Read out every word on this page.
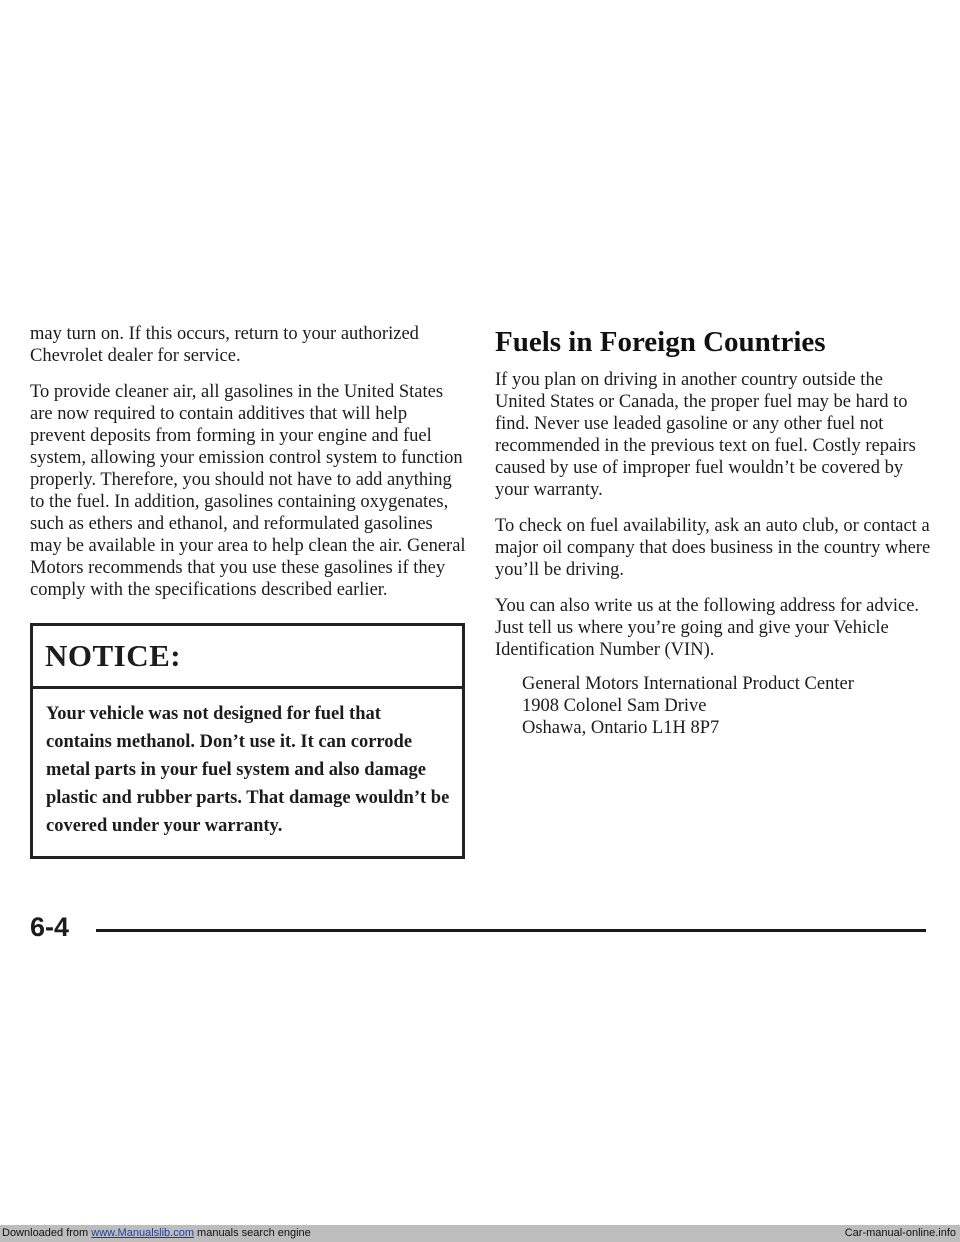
may turn on. If this occurs, return to your authorized Chevrolet dealer for service.

To provide cleaner air, all gasolines in the United States are now required to contain additives that will help prevent deposits from forming in your engine and fuel system, allowing your emission control system to function properly. Therefore, you should not have to add anything to the fuel. In addition, gasolines containing oxygenates, such as ethers and ethanol, and reformulated gasolines may be available in your area to help clean the air. General Motors recommends that you use these gasolines if they comply with the specifications described earlier.

NOTICE:
Your vehicle was not designed for fuel that contains methanol. Don’t use it. It can corrode metal parts in your fuel system and also damage plastic and rubber parts. That damage wouldn’t be covered under your warranty.
Fuels in Foreign Countries

If you plan on driving in another country outside the United States or Canada, the proper fuel may be hard to find. Never use leaded gasoline or any other fuel not recommended in the previous text on fuel. Costly repairs caused by use of improper fuel wouldn’t be covered by your warranty.

To check on fuel availability, ask an auto club, or contact a major oil company that does business in the country where you’ll be driving.

You can also write us at the following address for advice. Just tell us where you’re going and give your Vehicle Identification Number (VIN).

General Motors International Product Center
1908 Colonel Sam Drive
Oshawa, Ontario L1H 8P7
6-4
Downloaded from www.Manualslib.com manuals search engine	Car-manual-online.info
